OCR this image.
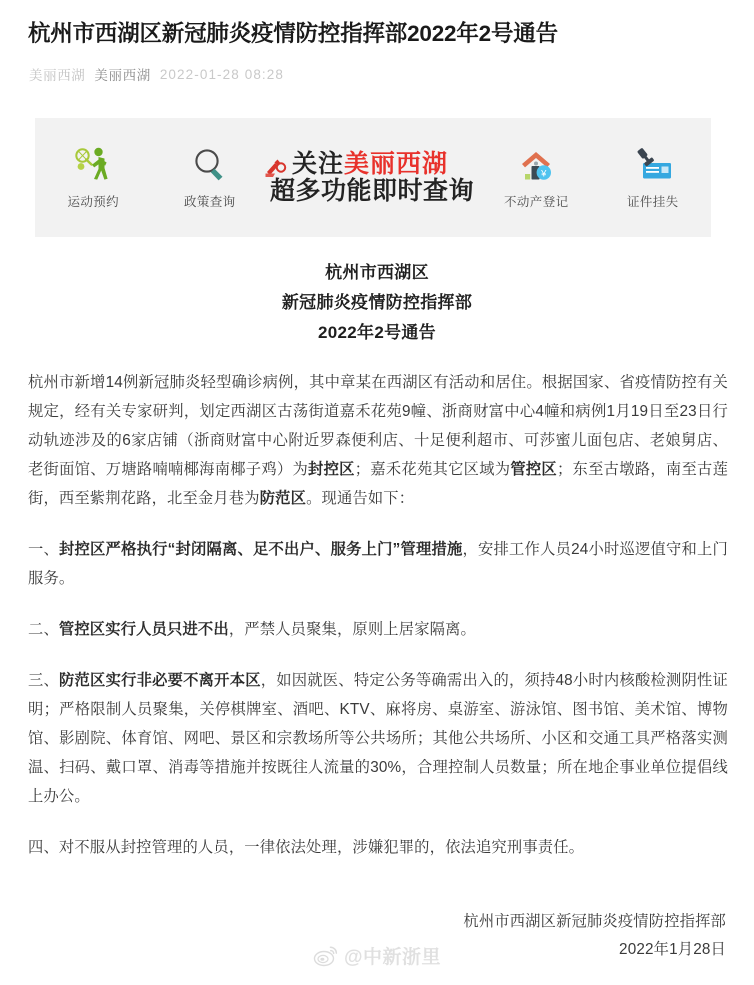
杭州市西湖区新冠肺炎疫情防控指挥部2022年2号通告
美丽西湖 美丽西湖 2022-01-28 08:28
运动预约	政策查询
关注美丽西湖
超多功能即时查询
¥
不动产登记	证件挂失
杭州市西湖区
新冠肺炎疫情防控指挥部
2022年2号通告

杭州市新增14例新冠肺炎轻型确诊病例，其中章某在西湖区有活动和居住。根据国家、省疫情防控有关规定，经有关专家研判，划定西湖区古荡街道嘉禾花苑9幢、浙商财富中心4幢和病例1月19日至23日行动轨迹涉及的6家店铺（浙商财富中心附近罗森便利店、十足便利超市、可莎蜜儿面包店、老娘舅店、老街面馆、万塘路喃喃椰海南椰子鸡）为封控区；嘉禾花苑其它区域为管控区；东至古墩路，南至古莲街，西至紫荆花路，北至金月巷为防范区。现通告如下：

一、封控区严格执行“封闭隔离、足不出户、服务上门”管理措施，安排工作人员24小时巡逻值守和上门服务。

二、管控区实行人员只进不出，严禁人员聚集，原则上居家隔离。

三、防范区实行非必要不离开本区，如因就医、特定公务等确需出入的，须持48小时内核酸检测阴性证明；严格限制人员聚集，关停棋牌室、酒吧、KTV、麻将房、桌游室、游泳馆、图书馆、美术馆、博物馆、影剧院、体育馆、网吧、景区和宗教场所等公共场所；其他公共场所、小区和交通工具严格落实测温、扫码、戴口罩、消毒等措施并按既往人流量的30%，合理控制人员数量；所在地企事业单位提倡线上办公。

四、对不服从封控管理的人员，一律依法处理，涉嫌犯罪的，依法追究刑事责任。

杭州市西湖区新冠肺炎疫情防控指挥部
2022年1月28日
@中新浙里
